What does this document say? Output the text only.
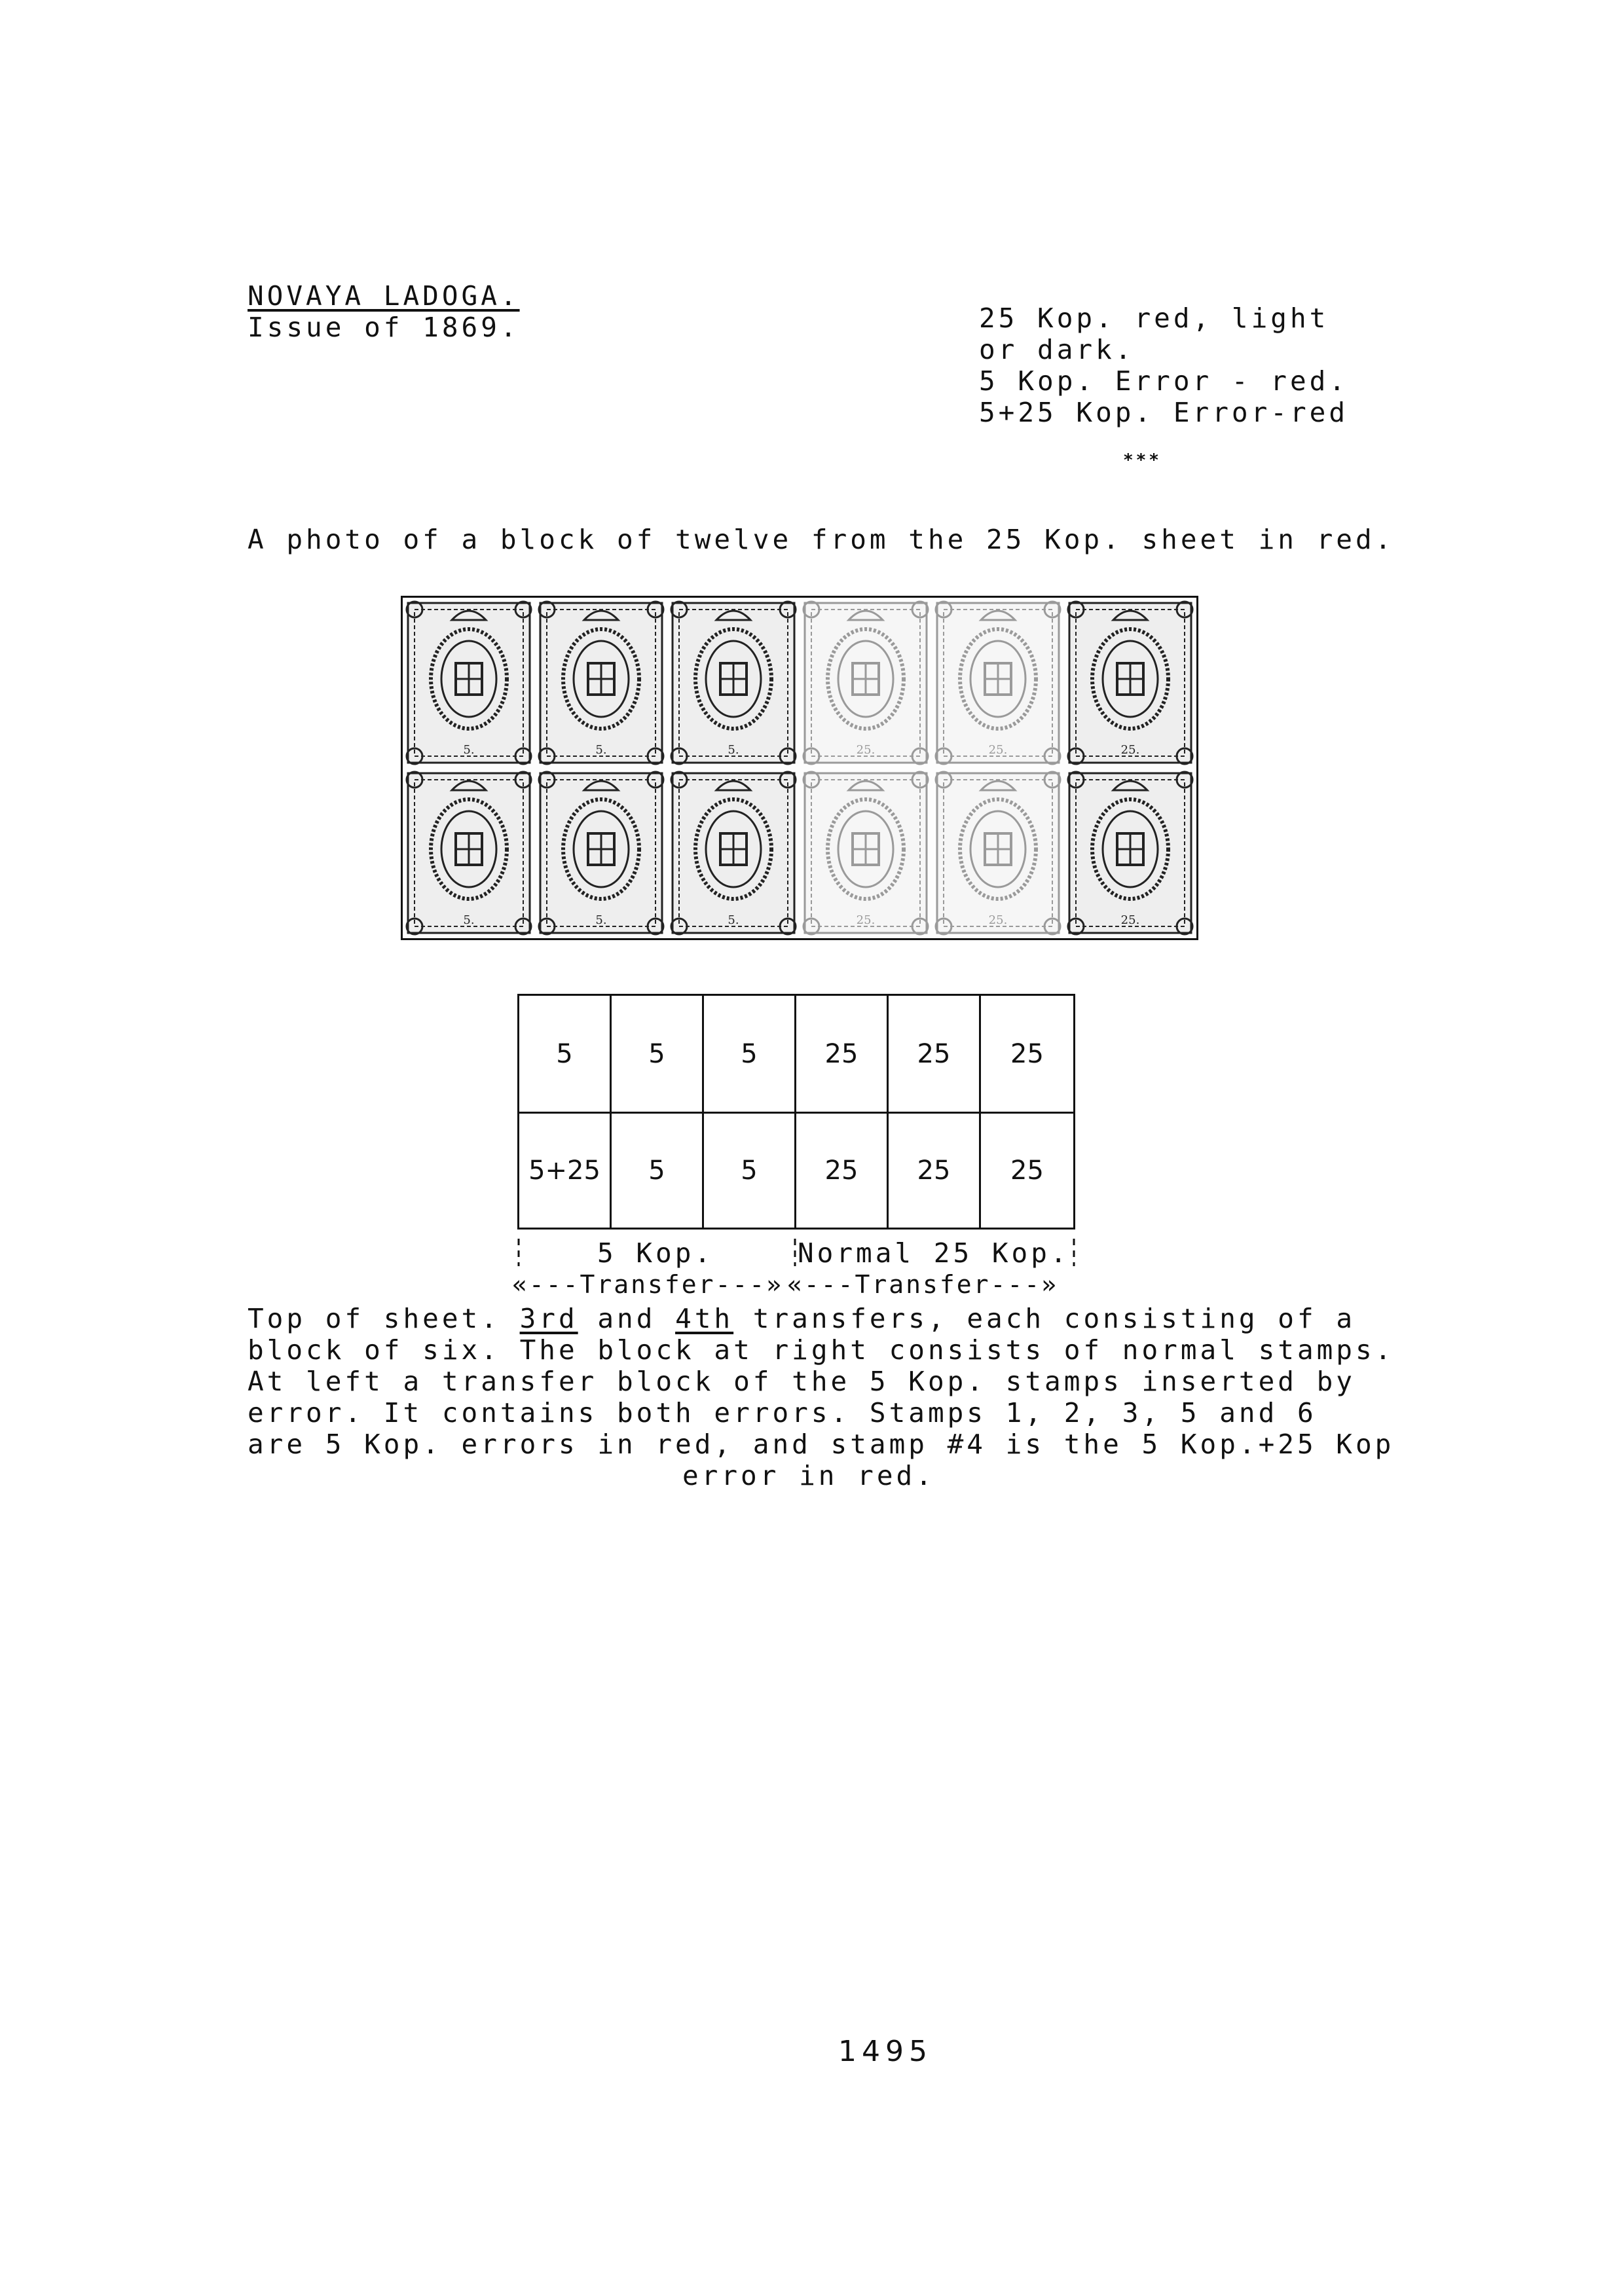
NOVAYA LADOGA.
Issue of 1869.	25 Kop. red, light
or dark.
5 Kop. Error - red.
5+25 Kop. Error-red
***
A photo of a block of twelve from the 25 Kop. sheet in red.
5.	5.	5.	25.	25.	25.
5.	5.	5.	25.	25.	25.
5	5	5	25	25	25
5+25	5	5	25	25	25
5 Kop.	Normal 25 Kop.
«---Transfer---» «---Transfer---»
Top of sheet. 3rd and 4th transfers, each consisting of a
block of six. The block at right consists of normal stamps.
At left a transfer block of the 5 Kop. stamps inserted by
error. It contains both errors. Stamps 1, 2, 3, 5 and 6
are 5 Kop. errors in red, and stamp #4 is the 5 Kop.+25 Kop
error in red.
1495
